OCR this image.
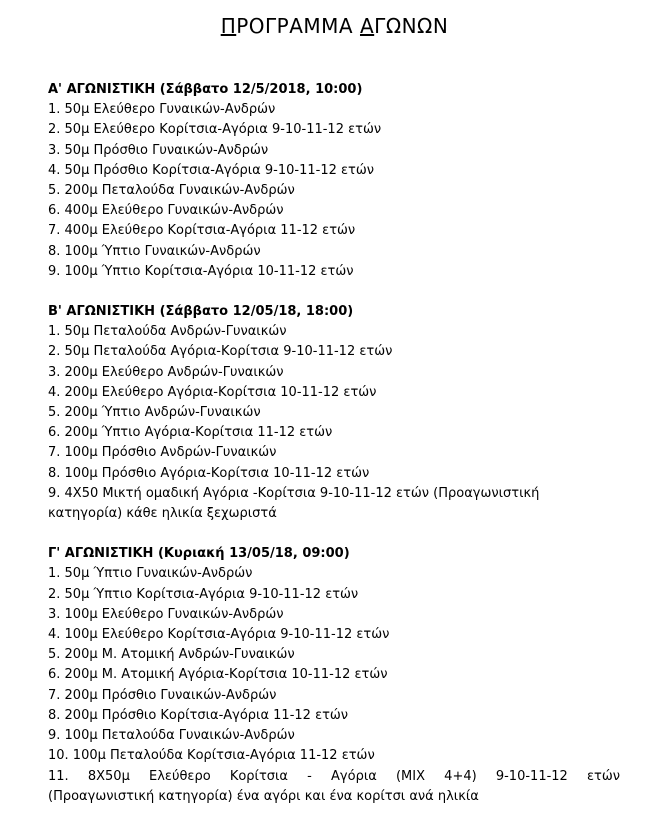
ΠΡΟΓΡΑΜΜΑ ΑΓΩΝΩΝ
Α' ΑΓΩΝΙΣΤΙΚΗ (Σάββατο 12/5/2018, 10:00)
1. 50μ Ελεύθερο Γυναικών-Ανδρών
2. 50μ Ελεύθερο Κορίτσια-Αγόρια 9-10-11-12 ετών
3. 50μ Πρόσθιο Γυναικών-Ανδρών
4. 50μ Πρόσθιο Κορίτσια-Αγόρια 9-10-11-12 ετών
5. 200μ Πεταλούδα Γυναικών-Ανδρών
6. 400μ Ελεύθερο Γυναικών-Ανδρών
7. 400μ Ελεύθερο Κορίτσια-Αγόρια 11-12 ετών
8. 100μ Ύπτιο Γυναικών-Ανδρών
9. 100μ Ύπτιο Κορίτσια-Αγόρια 10-11-12 ετών
Β' ΑΓΩΝΙΣΤΙΚΗ (Σάββατο 12/05/18, 18:00)
1. 50μ Πεταλούδα Ανδρών-Γυναικών
2. 50μ Πεταλούδα Αγόρια-Κορίτσια 9-10-11-12 ετών
3. 200μ Ελεύθερο Ανδρών-Γυναικών
4. 200μ Ελεύθερο Αγόρια-Κορίτσια 10-11-12 ετών
5. 200μ Ύπτιο Ανδρών-Γυναικών
6. 200μ Ύπτιο Αγόρια-Κορίτσια 11-12 ετών
7. 100μ Πρόσθιο Ανδρών-Γυναικών
8. 100μ Πρόσθιο Αγόρια-Κορίτσια 10-11-12 ετών
9. 4Χ50 Μικτή ομαδική Αγόρια -Κορίτσια 9-10-11-12 ετών (Προαγωνιστική
κατηγορία) κάθε ηλικία ξεχωριστά
Γ' ΑΓΩΝΙΣΤΙΚΗ (Κυριακή 13/05/18, 09:00)
1. 50μ Ύπτιο Γυναικών-Ανδρών
2. 50μ Ύπτιο Κορίτσια-Αγόρια 9-10-11-12 ετών
3. 100μ Ελεύθερο Γυναικών-Ανδρών
4. 100μ Ελεύθερο Κορίτσια-Αγόρια 9-10-11-12 ετών
5. 200μ Μ. Ατομική Ανδρών-Γυναικών
6. 200μ Μ. Ατομική Αγόρια-Κορίτσια 10-11-12 ετών
7. 200μ Πρόσθιο Γυναικών-Ανδρών
8. 200μ Πρόσθιο Κορίτσια-Αγόρια 11-12 ετών
9. 100μ Πεταλούδα Γυναικών-Ανδρών
10. 100μ Πεταλούδα Κορίτσια-Αγόρια 11-12 ετών
11. 8Χ50μ Ελεύθερο Κορίτσια - Αγόρια (ΜΙΧ 4+4) 9-10-11-12 ετών
(Προαγωνιστική κατηγορία) ένα αγόρι και ένα κορίτσι ανά ηλικία
